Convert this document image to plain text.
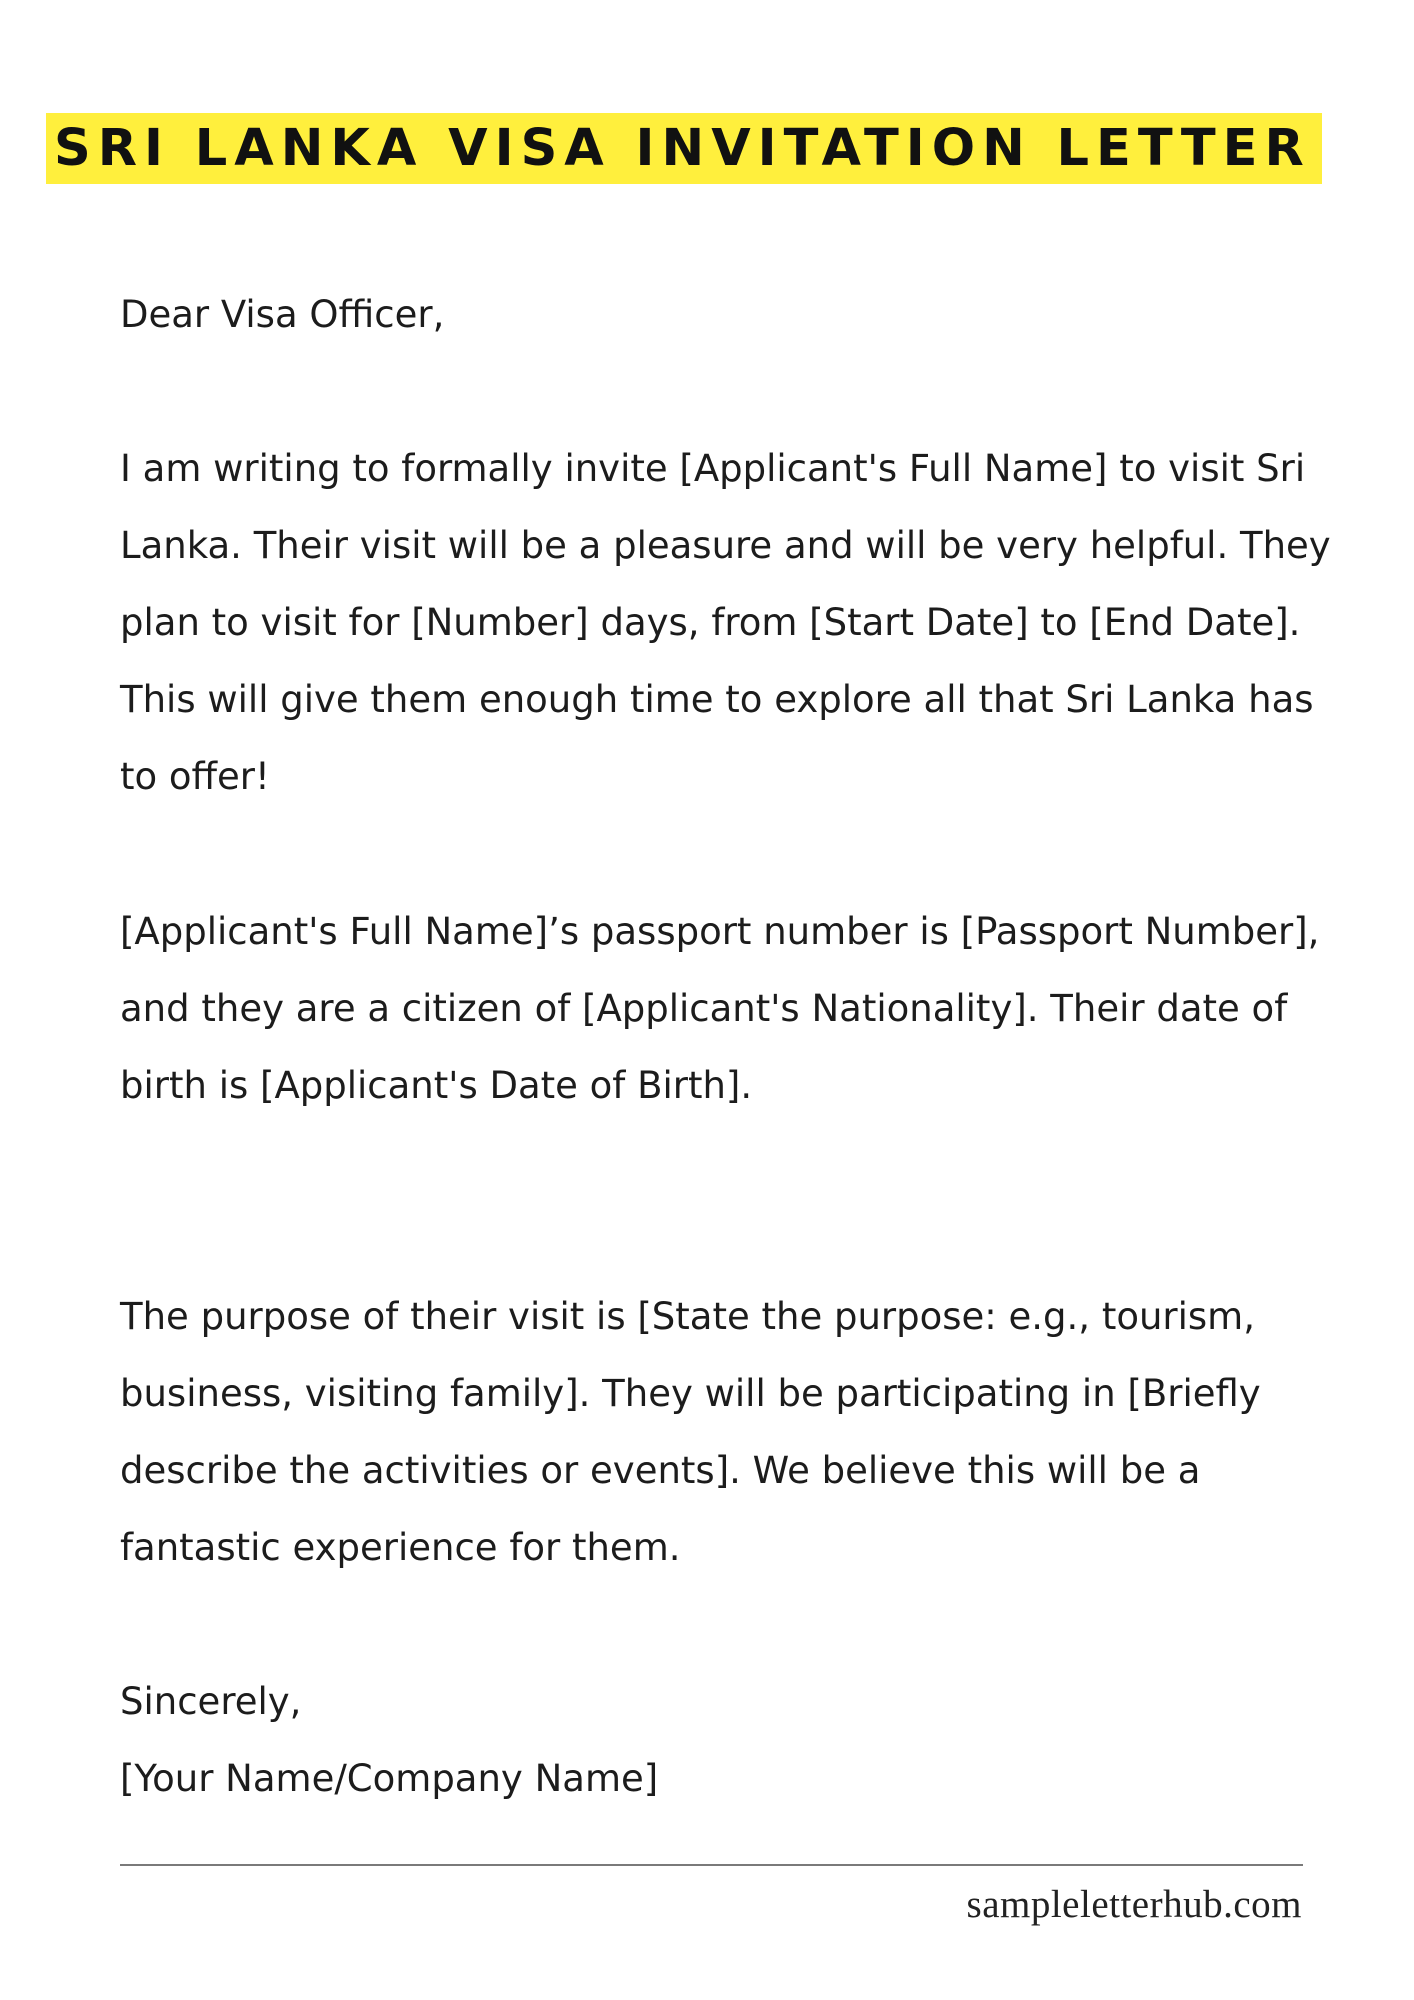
SRI LANKA VISA INVITATION LETTER

Dear Visa Officer,

I am writing to formally invite [Applicant's Full Name] to visit Sri Lanka. Their visit will be a pleasure and will be very helpful. They plan to visit for [Number] days, from [Start Date] to [End Date]. This will give them enough time to explore all that Sri Lanka has to offer!

[Applicant's Full Name]’s passport number is [Passport Number], and they are a citizen of [Applicant's Nationality]. Their date of birth is [Applicant's Date of Birth].

The purpose of their visit is [State the purpose: e.g., tourism, business, visiting family]. They will be participating in [Briefly describe the activities or events]. We believe this will be a fantastic experience for them.

Sincerely,

[Your Name/Company Name]

sampleletterhub.com
